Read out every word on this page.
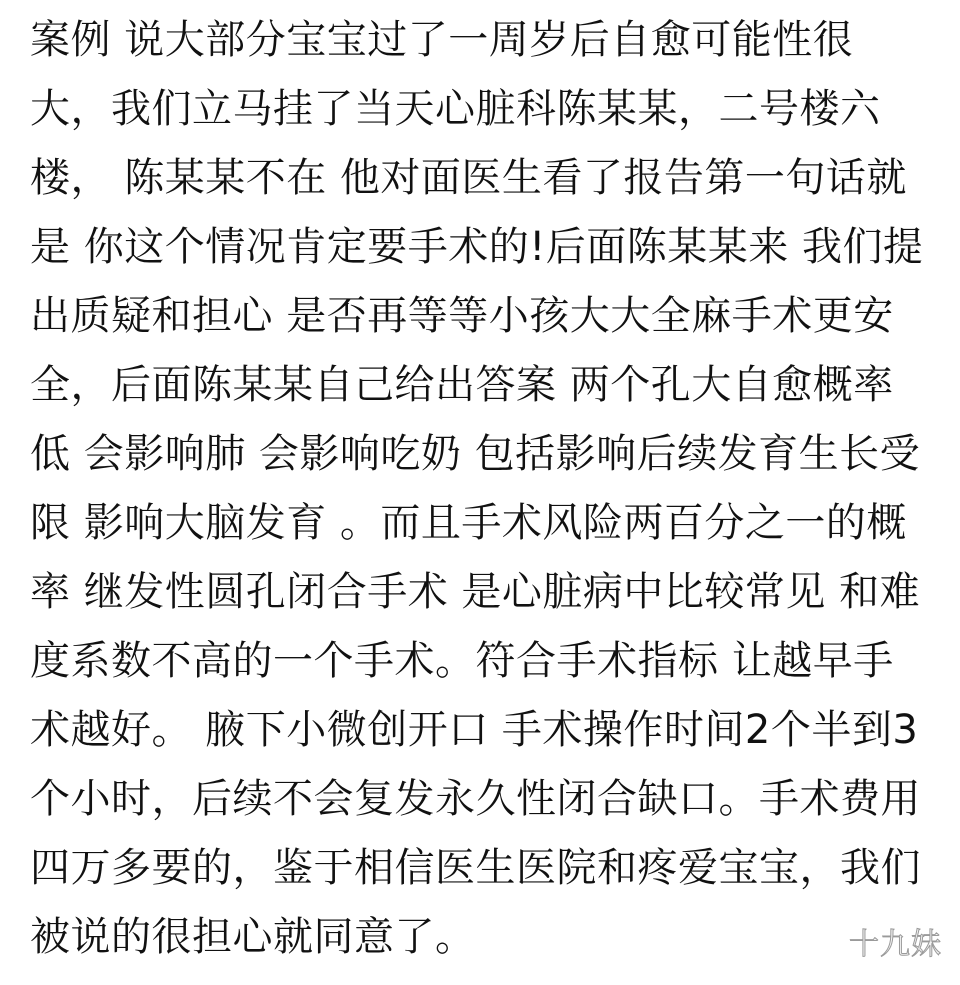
案例 说大部分宝宝过了一周岁后自愈可能性很
大，我们立马挂了当天心脏科陈某某，二号楼六
楼， 陈某某不在 他对面医生看了报告第一句话就
是 你这个情况肯定要手术的!后面陈某某来 我们提
出质疑和担心 是否再等等小孩大大全麻手术更安
全，后面陈某某自己给出答案 两个孔大自愈概率
低 会影响肺 会影响吃奶 包括影响后续发育生长受
限 影响大脑发育 。而且手术风险两百分之一的概
率 继发性圆孔闭合手术 是心脏病中比较常见 和难
度系数不高的一个手术。符合手术指标 让越早手
术越好。 腋下小微创开口 手术操作时间2个半到3
个小时，后续不会复发永久性闭合缺口。手术费用
四万多要的，鉴于相信医生医院和疼爱宝宝，我们
被说的很担心就同意了。	十九妹
